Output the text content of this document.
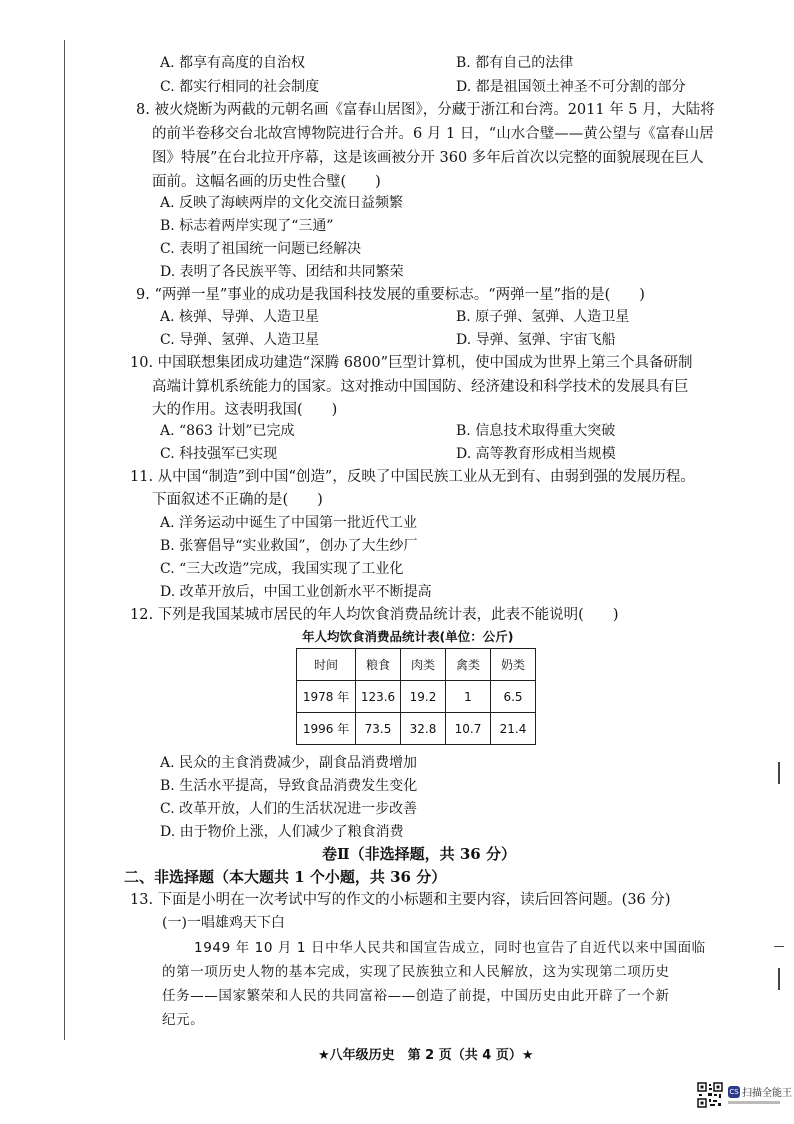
A. 都享有高度的自治权	B. 都有自己的法律
C. 都实行相同的社会制度	D. 都是祖国领土神圣不可分割的部分
8. 被火烧断为两截的元朝名画《富春山居图》，分藏于浙江和台湾。2011 年 5 月，大陆将
的前半卷移交台北故宫博物院进行合并。6 月 1 日，“山水合璧——黄公望与《富春山居
图》特展”在台北拉开序幕，这是该画被分开 360 多年后首次以完整的面貌展现在巨人
面前。这幅名画的历史性合璧(　　)
A. 反映了海峡两岸的文化交流日益频繁
B. 标志着两岸实现了“三通”
C. 表明了祖国统一问题已经解决
D. 表明了各民族平等、团结和共同繁荣
9. “两弹一星”事业的成功是我国科技发展的重要标志。“两弹一星”指的是(　　)
A. 核弹、导弹、人造卫星	B. 原子弹、氢弹、人造卫星
C. 导弹、氢弹、人造卫星	D. 导弹、氢弹、宇宙飞船
10. 中国联想集团成功建造“深腾 6800”巨型计算机，使中国成为世界上第三个具备研制
高端计算机系统能力的国家。这对推动中国国防、经济建设和科学技术的发展具有巨
大的作用。这表明我国(　　)
A. “863 计划”已完成	B. 信息技术取得重大突破
C. 科技强军已实现	D. 高等教育形成相当规模
11. 从中国“制造”到中国“创造”，反映了中国民族工业从无到有、由弱到强的发展历程。
下面叙述不正确的是(　　)
A. 洋务运动中诞生了中国第一批近代工业
B. 张謇倡导“实业救国”，创办了大生纱厂
C. “三大改造”完成，我国实现了工业化
D. 改革开放后，中国工业创新水平不断提高
12. 下列是我国某城市居民的年人均饮食消费品统计表，此表不能说明(　　)
年人均饮食消费品统计表(单位：公斤)
时间	粮食	肉类	禽类	奶类
1978 年	123.6	19.2	1	6.5
1996 年	73.5	32.8	10.7	21.4
A. 民众的主食消费减少，副食品消费增加
B. 生活水平提高，导致食品消费发生变化
C. 改革开放，人们的生活状况进一步改善
D. 由于物价上涨，人们减少了粮食消费
卷Ⅱ（非选择题，共 36 分）
二、非选择题（本大题共 1 个小题，共 36 分）
13. 下面是小明在一次考试中写的作文的小标题和主要内容，读后回答问题。(36 分)
(一)一唱雄鸡天下白
1949 年 10 月 1 日中华人民共和国宣告成立，同时也宣告了自近代以来中国面临
的第一项历史人物的基本完成，实现了民族独立和人民解放，这为实现第二项历史
任务——国家繁荣和人民的共同富裕——创造了前提，中国历史由此开辟了一个新
纪元。
★八年级历史　第 2 页（共 4 页）★
CS 扫描全能王
